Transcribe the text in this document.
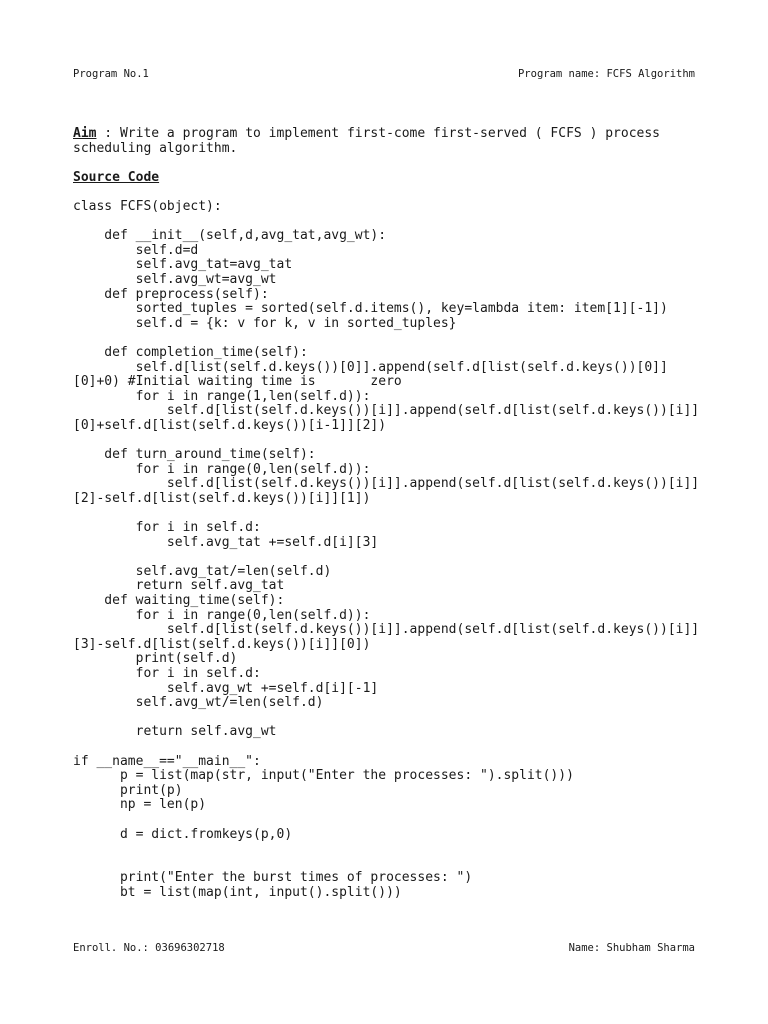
Program No.1	Program name: FCFS Algorithm
Aim : Write a program to implement first-come first-served ( FCFS ) process
scheduling algorithm.
Source Code
class FCFS(object):

def __init__(self,d,avg_tat,avg_wt):
self.d=d
self.avg_tat=avg_tat
self.avg_wt=avg_wt
def preprocess(self):
sorted_tuples = sorted(self.d.items(), key=lambda item: item[1][-1])
self.d = {k: v for k, v in sorted_tuples}

def completion_time(self):
self.d[list(self.d.keys())[0]].append(self.d[list(self.d.keys())[0]]
[0]+0) #Initial waiting time is       zero
for i in range(1,len(self.d)):
self.d[list(self.d.keys())[i]].append(self.d[list(self.d.keys())[i]]
[0]+self.d[list(self.d.keys())[i-1]][2])

def turn_around_time(self):
for i in range(0,len(self.d)):
self.d[list(self.d.keys())[i]].append(self.d[list(self.d.keys())[i]]
[2]-self.d[list(self.d.keys())[i]][1])

for i in self.d:
self.avg_tat +=self.d[i][3]

self.avg_tat/=len(self.d)
return self.avg_tat
def waiting_time(self):
for i in range(0,len(self.d)):
self.d[list(self.d.keys())[i]].append(self.d[list(self.d.keys())[i]]
[3]-self.d[list(self.d.keys())[i]][0])
print(self.d)
for i in self.d:
self.avg_wt +=self.d[i][-1]
self.avg_wt/=len(self.d)

return self.avg_wt

if __name__=="__main__":
p = list(map(str, input("Enter the processes: ").split()))
print(p)
np = len(p)

d = dict.fromkeys(p,0)

print("Enter the burst times of processes: ")
bt = list(map(int, input().split()))
Enroll. No.: 03696302718	Name: Shubham Sharma
